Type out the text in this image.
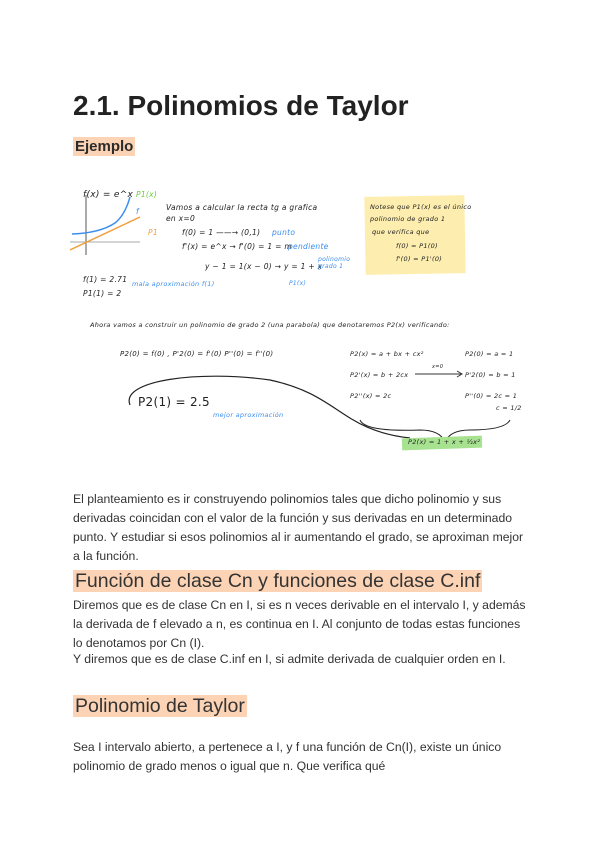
2.1. Polinomios de Taylor
Ejemplo
f(x) = e^x P1(x)
f
P1
Vamos a calcular la recta tg a grafica
en x=0
f(0) = 1 ——→ (0,1) punto
f'(x) = e^x → f'(0) = 1 = m
pendiente
y − 1 = 1(x − 0) → y = 1 + x
polinomio grado 1
P1(x)
f(1) = 2.71
P1(1) = 2
mala aproximación f(1)
Notese que P1(x) es el único
polinomio de grado 1
que verifica que
f(0) = P1(0)
f'(0) = P1'(0)
Ahora vamos a construir un polinomio de grado 2 (una parabola) que denotaremos P2(x) verificando:
P2(0) = f(0) , P'2(0) = f'(0) P''(0) = f''(0)	P2(x) = a + bx + cx²
P2'(x) = b + 2cx
x=0
P2''(x) = 2c
P2(0) = a = 1
P'2(0) = b = 1
P''(0) = 2c = 1
c = 1/2
P2(1) = 2.5
mejor aproximación
P2(x) = 1 + x + ½x²
El planteamiento es ir construyendo polinomios tales que dicho polinomio y sus derivadas coincidan con el valor de la función y sus derivadas en un determinado punto. Y estudiar si esos polinomios al ir aumentando el grado, se aproximan mejor a la función.
Función de clase Cn y funciones de clase C.inf
Diremos que es de clase Cn en I, si es n veces derivable en el intervalo I, y además la derivada de f elevado a n, es continua en I. Al conjunto de todas estas funciones lo denotamos por Cn (I).
Y diremos que es de clase C.inf en I, si admite derivada de cualquier orden en I.
Polinomio de Taylor
Sea I intervalo abierto, a pertenece a I, y f una función de Cn(I), existe un único polinomio de grado menos o igual que n. Que verifica qué
